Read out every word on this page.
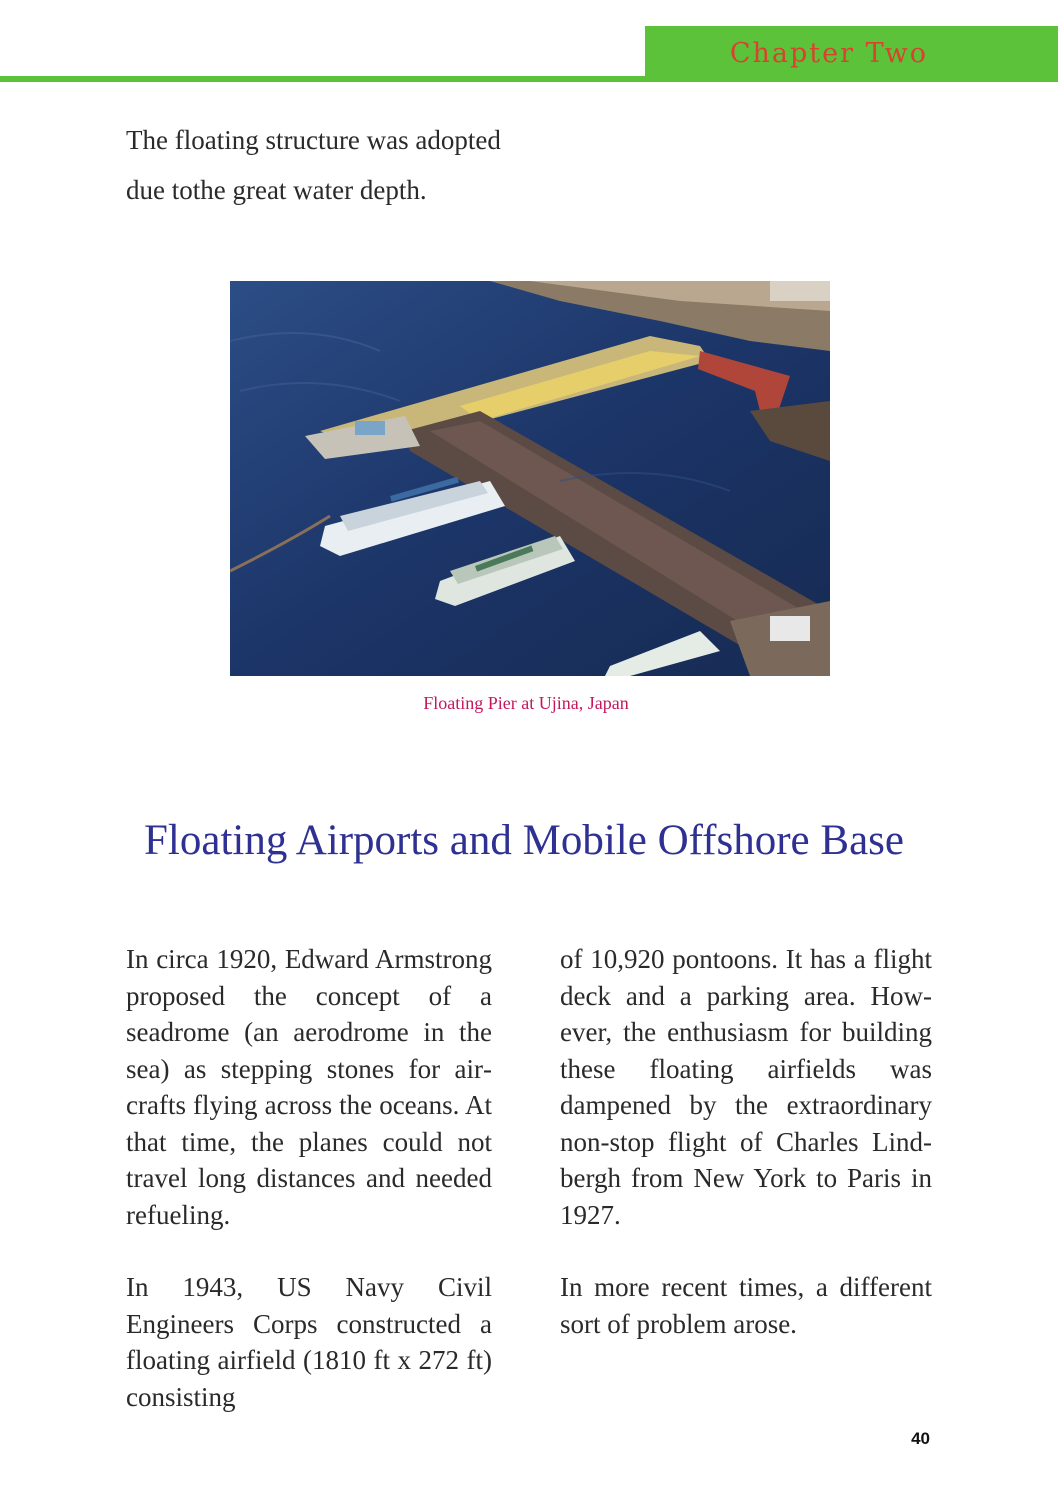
Chapter Two

The floating structure was adopted

due tothe great water depth.

Floating Pier at Ujina, Japan
Floating Airports and Mobile Offshore Base

In circa 1920, Edward Armstrong proposed the concept of a seadrome (an aerodrome in the sea) as stepping stones for aircrafts flying across the oceans. At that time, the planes could not travel long distances and needed refueling.

In 1943, US Navy Civil Engineers Corps constructed a floating airfield (1810 ft x 272 ft) consisting

of 10,920 pontoons. It has a flight deck and a parking area. However, the enthusiasm for building these floating airfields was dampened by the extraordinary non-stop flight of Charles Lindbergh from New York to Paris in 1927.

In more recent times, a different sort of problem arose.

40
